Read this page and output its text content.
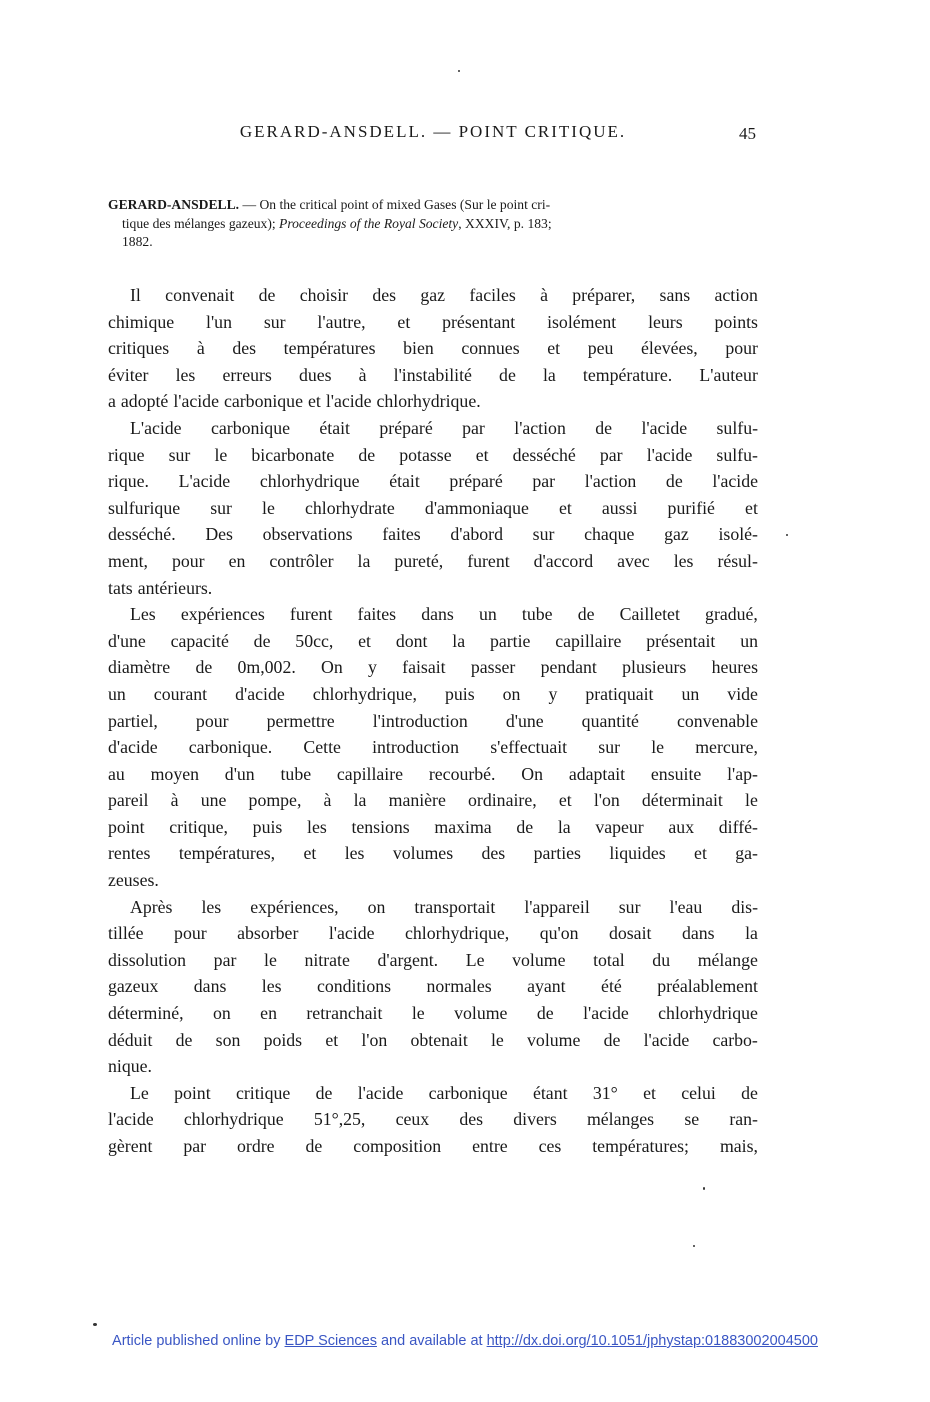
GERARD-ANSDELL. — POINT CRITIQUE.	45
GERARD-ANSDELL. — On the critical point of mixed Gases (Sur le point cri-
tique des mélanges gazeux); Proceedings of the Royal Society, XXXIV, p. 183;
1882.
Il convenait de choisir des gaz faciles à préparer, sans action
chimique l'un sur l'autre, et présentant isolément leurs points
critiques à des températures bien connues et peu élevées, pour
éviter les erreurs dues à l'instabilité de la température. L'auteur
a adopté l'acide carbonique et l'acide chlorhydrique.
L'acide carbonique était préparé par l'action de l'acide sulfu-
rique sur le bicarbonate de potasse et desséché par l'acide sulfu-
rique. L'acide chlorhydrique était préparé par l'action de l'acide
sulfurique sur le chlorhydrate d'ammoniaque et aussi purifié et
desséché. Des observations faites d'abord sur chaque gaz isolé-
ment, pour en contrôler la pureté, furent d'accord avec les résul-
tats antérieurs.
Les expériences furent faites dans un tube de Cailletet gradué,
d'une capacité de 50cc, et dont la partie capillaire présentait un
diamètre de 0m,002. On y faisait passer pendant plusieurs heures
un courant d'acide chlorhydrique, puis on y pratiquait un vide
partiel, pour permettre l'introduction d'une quantité convenable
d'acide carbonique. Cette introduction s'effectuait sur le mercure,
au moyen d'un tube capillaire recourbé. On adaptait ensuite l'ap-
pareil à une pompe, à la manière ordinaire, et l'on déterminait le
point critique, puis les tensions maxima de la vapeur aux diffé-
rentes températures, et les volumes des parties liquides et ga-
zeuses.
Après les expériences, on transportait l'appareil sur l'eau dis-
tillée pour absorber l'acide chlorhydrique, qu'on dosait dans la
dissolution par le nitrate d'argent. Le volume total du mélange
gazeux dans les conditions normales ayant été préalablement
déterminé, on en retranchait le volume de l'acide chlorhydrique
déduit de son poids et l'on obtenait le volume de l'acide carbo-
nique.
Le point critique de l'acide carbonique étant 31° et celui de
l'acide chlorhydrique 51°,25, ceux des divers mélanges se ran-
gèrent par ordre de composition entre ces températures; mais,
Article published online by EDP Sciences and available at http://dx.doi.org/10.1051/jphystap:01883002004500
